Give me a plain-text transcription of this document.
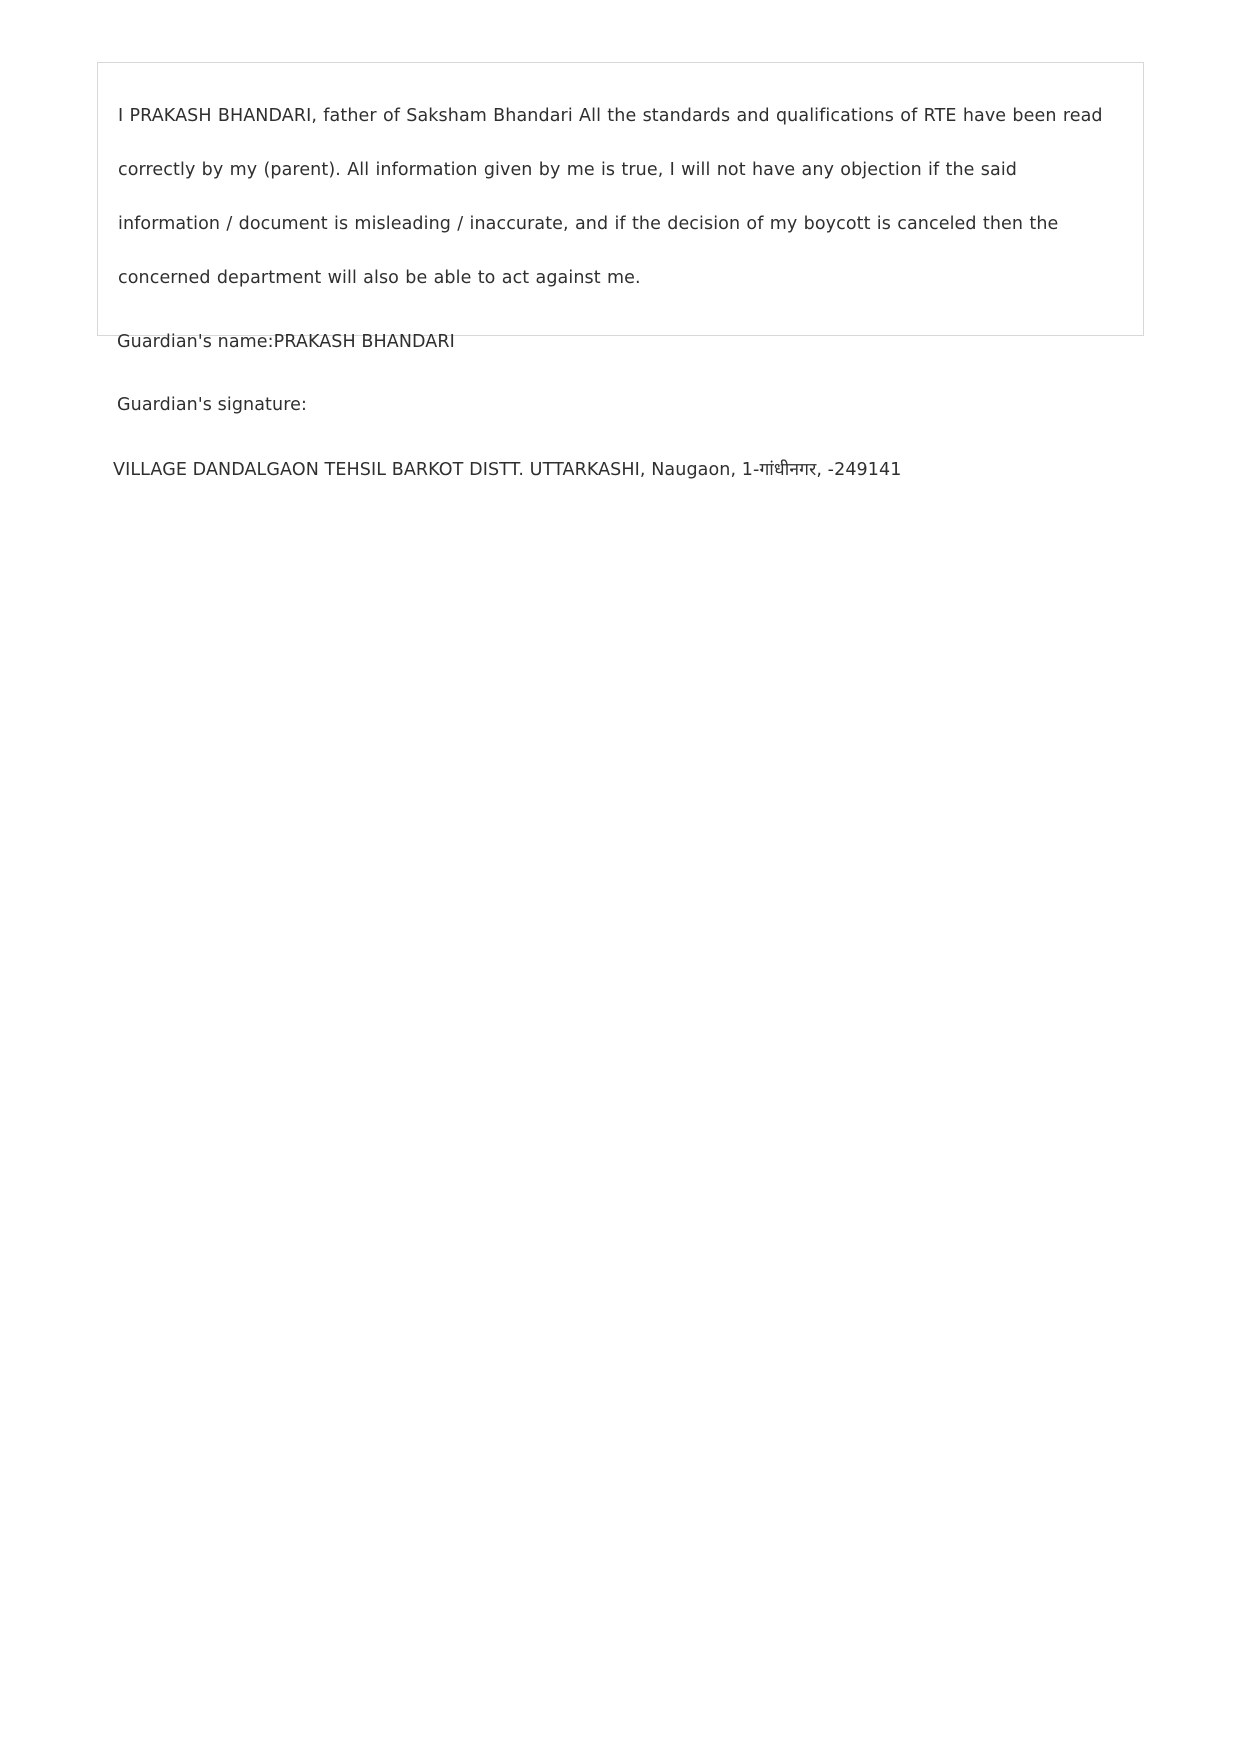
I PRAKASH BHANDARI, father of Saksham Bhandari All the standards and qualifications of RTE have been read correctly by my (parent). All information given by me is true, I will not have any objection if the said information / document is misleading / inaccurate, and if the decision of my boycott is canceled then the concerned department will also be able to act against me.
Guardian's name:PRAKASH BHANDARI
Guardian's signature:
VILLAGE DANDALGAON TEHSIL BARKOT DISTT. UTTARKASHI, Naugaon, 1-गांधीनगर, -249141
